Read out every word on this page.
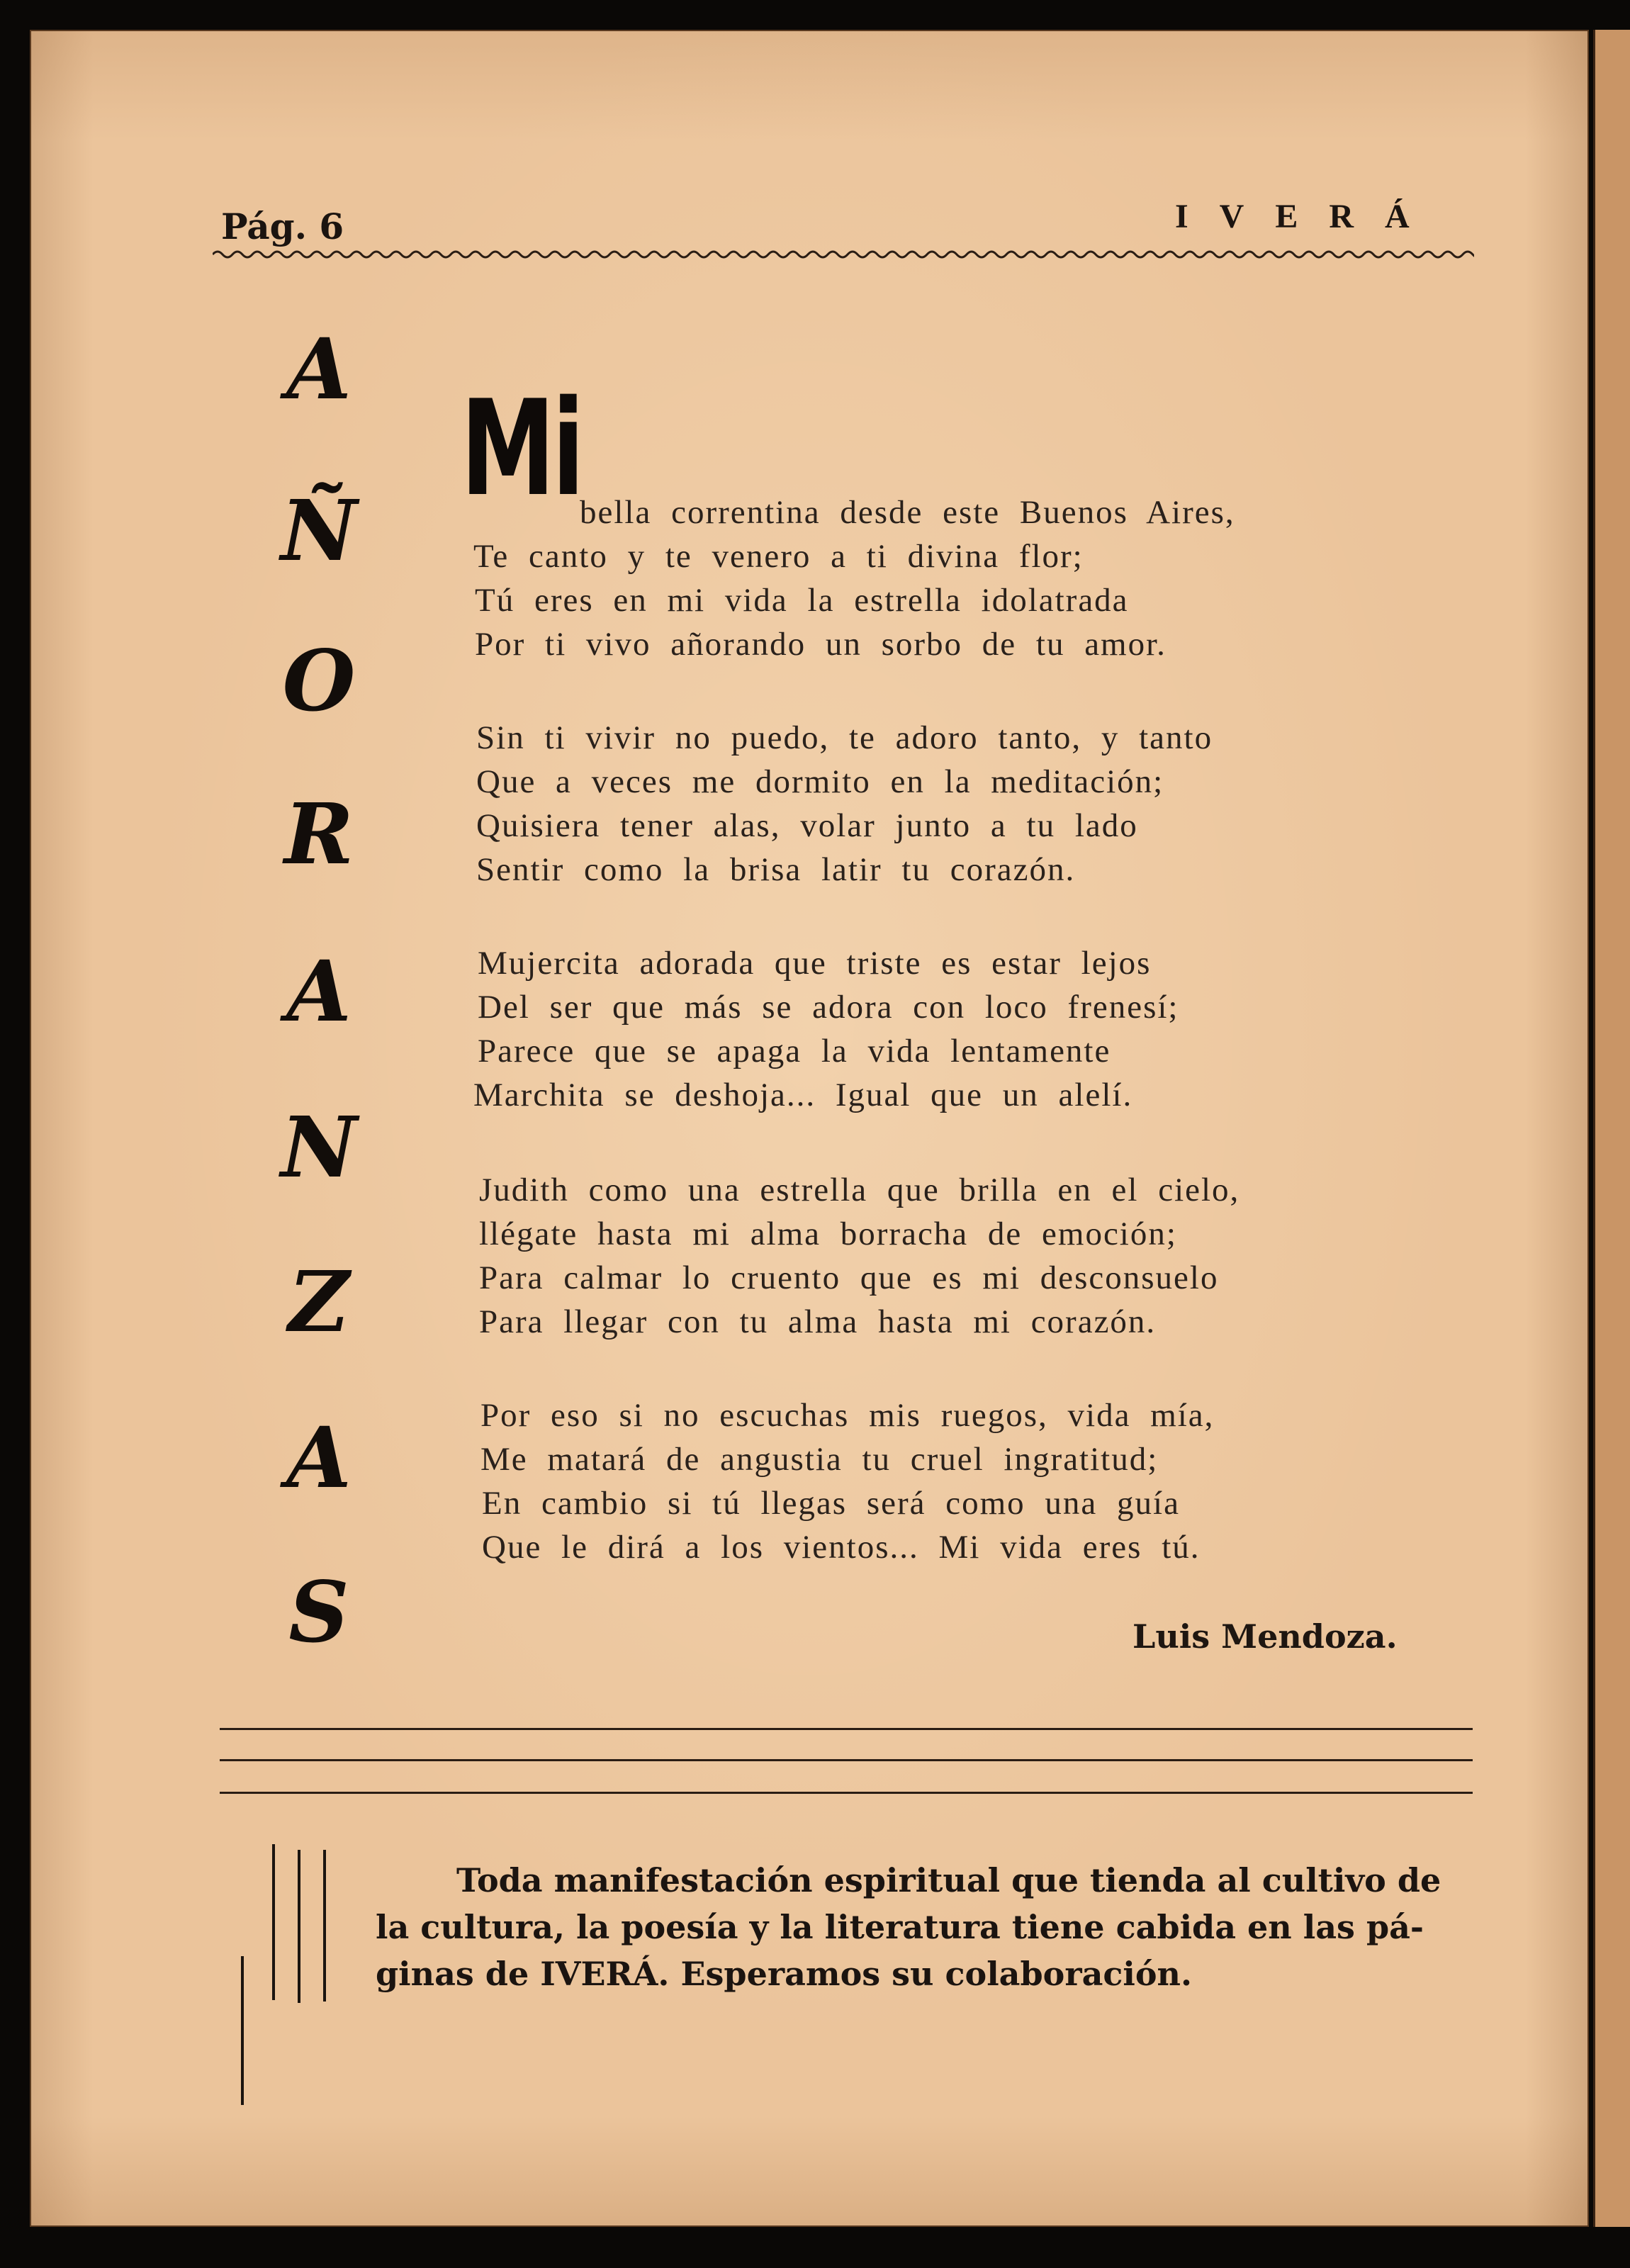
Pág. 6	IVERÁ
A
Ñ
O
R
A
N
Z
A
S
Mi
bella correntina desde este Buenos Aires,
Te canto y te venero a ti divina flor;
Tú eres en mi vida la estrella idolatrada
Por ti vivo añorando un sorbo de tu amor.
Sin ti vivir no puedo, te adoro tanto, y tanto
Que a veces me dormito en la meditación;
Quisiera tener alas, volar junto a tu lado
Sentir como la brisa latir tu corazón.
Mujercita adorada que triste es estar lejos
Del ser que más se adora con loco frenesí;
Parece que se apaga la vida lentamente
Marchita se deshoja... Igual que un alelí.
Judith como una estrella que brilla en el cielo,
llégate hasta mi alma borracha de emoción;
Para calmar lo cruento que es mi desconsuelo
Para llegar con tu alma hasta mi corazón.
Por eso si no escuchas mis ruegos, vida mía,
Me matará de angustia tu cruel ingratitud;
En cambio si tú llegas será como una guía
Que le dirá a los vientos... Mi vida eres tú.
Luis Mendoza.
Toda manifestación espiritual que tienda al cultivo de
la cultura, la poesía y la literatura tiene cabida en las pá-
ginas de IVERÁ. Esperamos su colaboración.
